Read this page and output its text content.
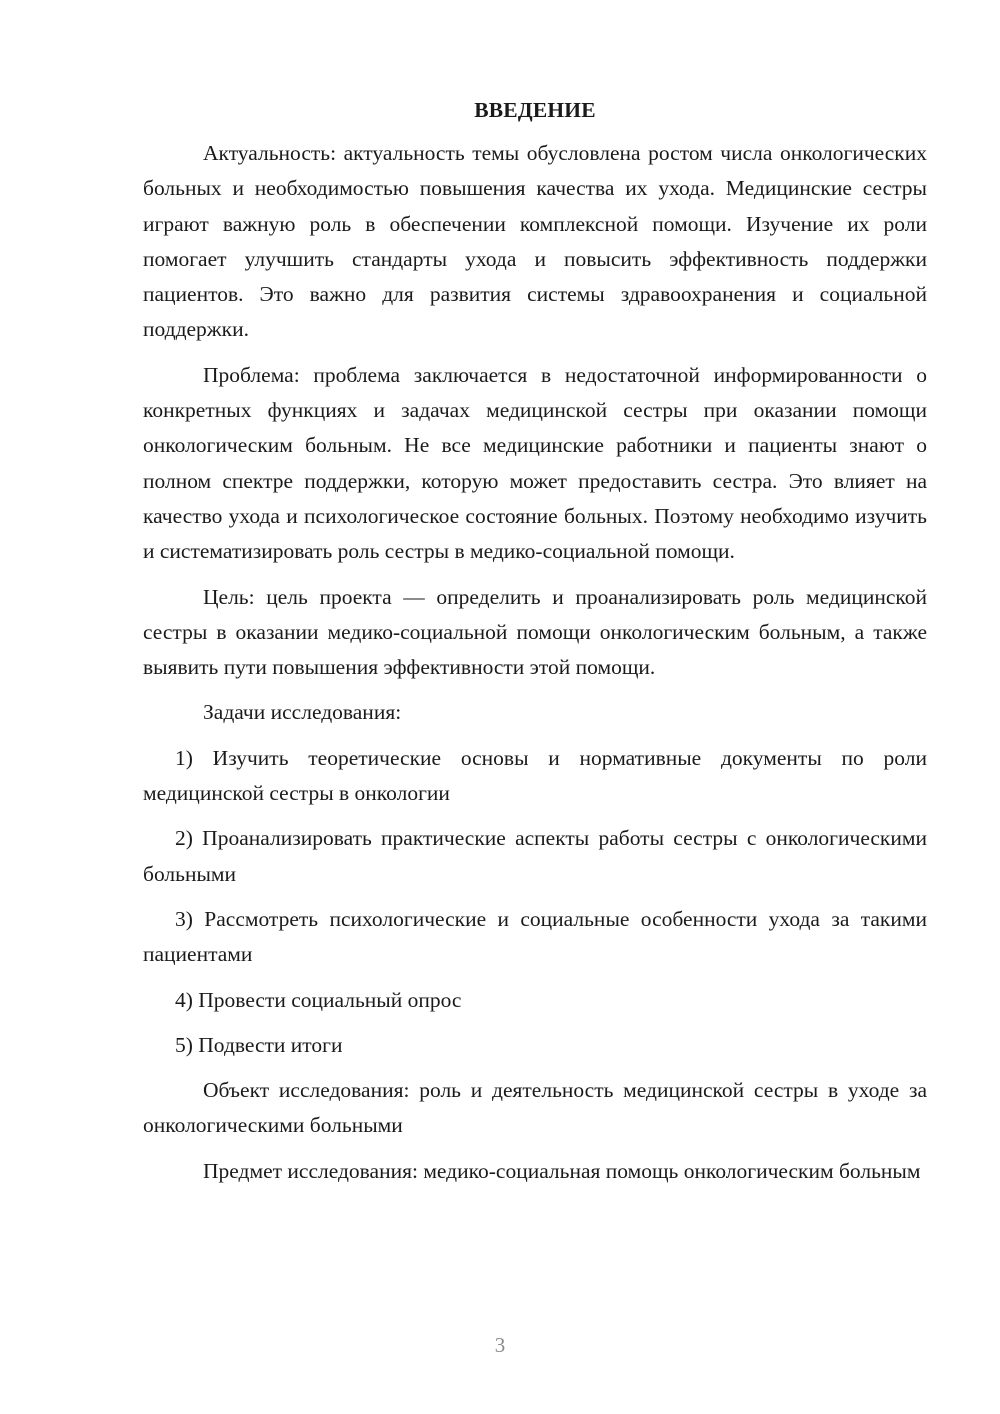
ВВЕДЕНИЕ

Актуальность: актуальность темы обусловлена ростом числа онкологических больных и необходимостью повышения качества их ухода. Медицинские сестры играют важную роль в обеспечении комплексной помощи. Изучение их роли помогает улучшить стандарты ухода и повысить эффективность поддержки пациентов. Это важно для развития системы здравоохранения и социальной поддержки.

Проблема: проблема заключается в недостаточной информированности о конкретных функциях и задачах медицинской сестры при оказании помощи онкологическим больным. Не все медицинские работники и пациенты знают о полном спектре поддержки, которую может предоставить сестра. Это влияет на качество ухода и психологическое состояние больных. Поэтому необходимо изучить и систематизировать роль сестры в медико-социальной помощи.

Цель: цель проекта — определить и проанализировать роль медицинской сестры в оказании медико-социальной помощи онкологическим больным, а также выявить пути повышения эффективности этой помощи.

Задачи исследования:

1) Изучить теоретические основы и нормативные документы по роли медицинской сестры в онкологии

2) Проанализировать практические аспекты работы сестры с онкологическими больными

3) Рассмотреть психологические и социальные особенности ухода за такими пациентами

4) Провести социальный опрос

5) Подвести итоги

Объект исследования: роль и деятельность медицинской сестры в уходе за онкологическими больными

Предмет исследования: медико-социальная помощь онкологическим больным

3
